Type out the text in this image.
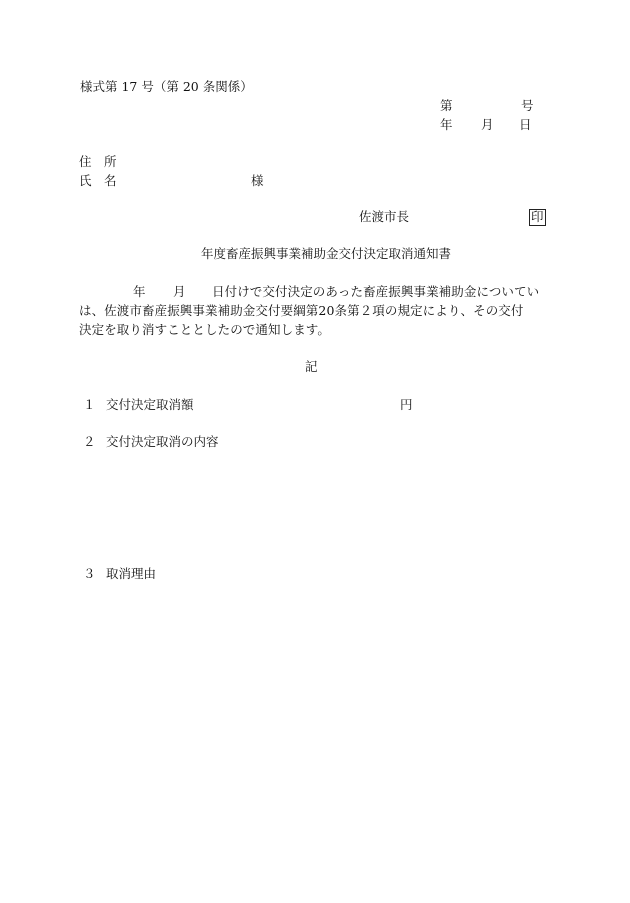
様式第 17 号（第 20 条関係）
第	号
年 月 日
住　所
氏　名	様
佐渡市長	印
年度畜産振興事業補助金交付決定取消通知書
年 月 日付けで交付決定のあった畜産振興事業補助金についてい
は、佐渡市畜産振興事業補助金交付要綱第20条第２項の規定により、その交付
決定を取り消すこととしたので通知します。
記
１ 交付決定取消額	円
２ 交付決定取消の内容
３ 取消理由
